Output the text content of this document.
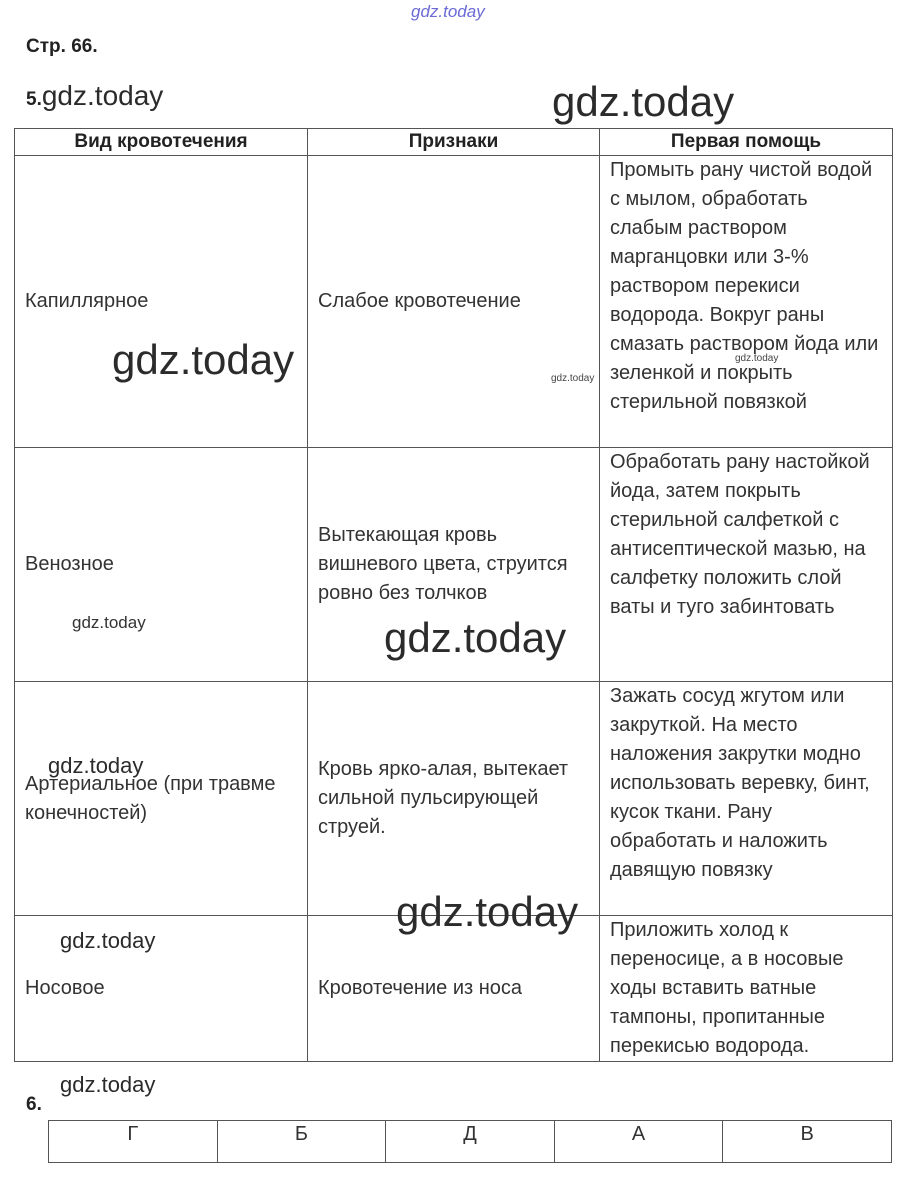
gdz.today
Стр. 66.
5.gdz.today	gdz.today
Вид кровотечения	Признаки	Первая помощь
Капиллярное	Слабое кровотечение	Промыть рану чистой водой с мылом, обработать слабым раствором марганцовки или 3-% раствором перекиси водорода. Вокруг раны смазать раствором йода или зеленкой и покрыть стерильной повязкой
Венозное	Вытекающая кровь вишневого цвета, струится ровно без толчков	Обработать рану настойкой йода, затем покрыть стерильной салфеткой с антисептической мазью, на салфетку положить слой ваты и туго забинтовать
Артериальное (при травме конечностей)	Кровь ярко-алая, вытекает сильной пульсирующей струей.	Зажать сосуд жгутом или закруткой. На место наложения закрутки модно использовать веревку, бинт, кусок ткани. Рану обработать и наложить давящую повязку
Носовое	Кровотечение из носа	Приложить холод к переносице, а в носовые ходы вставить ватные тампоны, пропитанные перекисью водорода.
gdz.today	gdz.today
gdz.today
gdz.today	gdz.today
gdz.today
gdz.today
gdz.today
gdz.today
6.
Г	Б	Д	А	В
